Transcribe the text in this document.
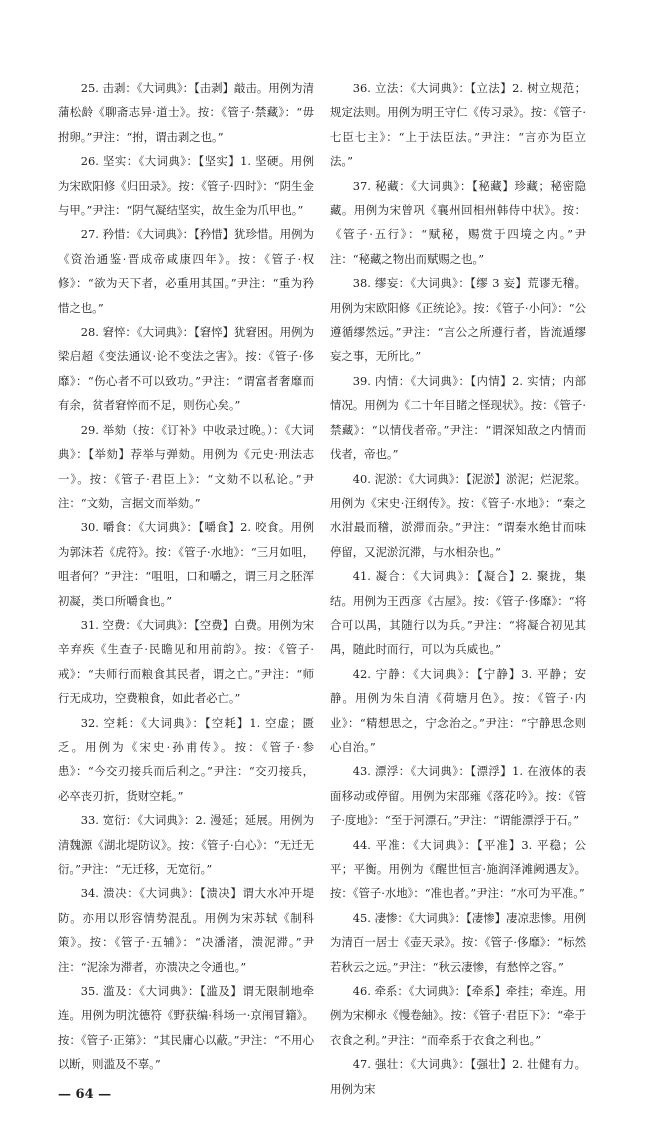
25. 击剥：《大词典》：【击剥】敲击。用例为清蒲松龄《聊斋志异·道士》。按：《管子·禁藏》：“毋拊卵。”尹注：“拊，谓击剥之也。”

26. 坚实：《大词典》：【坚实】1. 坚硬。用例为宋欧阳修《归田录》。按：《管子·四时》：“阴生金与甲。”尹注：“阴气凝结坚实，故生金为爪甲也。”

27. 矜惜：《大词典》：【矜惜】犹珍惜。用例为《资治通鉴·晋成帝咸康四年》。按：《管子·权修》：“欲为天下者，必重用其国。”尹注：“重为矜惜之也。”

28. 窘悴：《大词典》：【窘悴】犹窘困。用例为梁启超《变法通议·论不变法之害》。按：《管子·侈靡》：“伤心者不可以致功。”尹注：“谓富者奢靡而有余，贫者窘悴而不足，则伤心矣。”

29. 举劾（按：《订补》中收录过晚。）：《大词典》：【举劾】荐举与弹劾。用例为《元史·刑法志一》。按：《管子·君臣上》：“文劾不以私论。”尹注：“文劾，言据文而举劾。”

30. 嚼食：《大词典》：【嚼食】2. 咬食。用例为郭沫若《虎符》。按：《管子·水地》：“三月如咀，咀者何？”尹注：“咀咀，口和嚼之，谓三月之胚浑初凝，类口所嚼食也。”

31. 空费：《大词典》：【空费】白费。用例为宋辛弃疾《生查子·民瞻见和用前韵》。按：《管子·戒》：“夫师行而粮食其民者，谓之亡。”尹注：“师行无成功，空费粮食，如此者必亡。”

32. 空耗：《大词典》：【空耗】1. 空虚；匮乏。用例为《宋史·孙甫传》。按：《管子·参患》：“今交刃接兵而后利之。”尹注：“交刃接兵，必卒丧刃折，货财空耗。”

33. 宽衍：《大词典》：2. 漫延；延展。用例为清魏源《湖北堤防议》。按：《管子·白心》：“无迁无衍。”尹注：“无迁移，无宽衍。”

34. 溃决：《大词典》：【溃决】谓大水冲开堤防。亦用以形容情势混乱。用例为宋苏轼《制科策》。按：《管子·五辅》：“决潘渚，溃泥滞。”尹注：“泥涂为滞者，亦溃决之令通也。”

35. 滥及：《大词典》：【滥及】谓无限制地牵连。用例为明沈德符《野获编·科场一·京闱冒籍》。按：《管子·正第》：“其民庸心以蔽。”尹注：“不用心以断，则滥及不辜。”

— 64 —

36. 立法：《大词典》：【立法】2. 树立规范；规定法则。用例为明王守仁《传习录》。按：《管子·七臣七主》：“上于法臣法。”尹注：“言亦为臣立法。”

37. 秘藏：《大词典》：【秘藏】珍藏；秘密隐藏。用例为宋曾巩《襄州回相州韩侍中状》。按：《管子·五行》：“赋秘，赐赏于四境之内。”尹注：“秘藏之物出而赋赐之也。”

38. 缪妄：《大词典》：【缪 3 妄】荒谬无稽。用例为宋欧阳修《正统论》。按：《管子·小问》：“公遵循缪然远。”尹注：“言公之所遵行者，皆流遁缪妄之事，无所比。”

39. 内情：《大词典》：【内情】2. 实情；内部情况。用例为《二十年目睹之怪现状》。按：《管子·禁藏》：“以情伐者帝。”尹注：“谓深知敌之内情而伐者，帝也。”

40. 泥淤：《大词典》：【泥淤】淤泥；烂泥浆。用例为《宋史·汪纲传》。按：《管子·水地》：“秦之水泔最而稽，淤滞而杂。”尹注：“谓秦水绝甘而味停留，又泥淤沉滞，与水相杂也。”

41. 凝合：《大词典》：【凝合】2. 聚拢，集结。用例为王西彦《古屋》。按：《管子·侈靡》：“将合可以禺，其随行以为兵。”尹注：“将凝合初见其禺，随此时而行，可以为兵威也。”

42. 宁静：《大词典》：【宁静】3. 平静；安静。用例为朱自清《荷塘月色》。按：《管子·内业》：“精想思之，宁念治之。”尹注：“宁静思念则心自治。”

43. 漂浮：《大词典》：【漂浮】1. 在液体的表面移动或停留。用例为宋邵雍《落花吟》。按：《管子·度地》：“至于河漂石。”尹注：“谓能漂浮于石。”

44. 平准：《大词典》：【平准】3. 平稳；公平；平衡。用例为《醒世恒言·施润泽滩阙遇友》。按：《管子·水地》：“准也者。”尹注：“水可为平准。”

45. 凄惨：《大词典》：【凄惨】凄凉悲惨。用例为清百一居士《壶天录》。按：《管子·侈靡》：“标然若秋云之远。”尹注：“秋云凄惨，有愁悴之容。”

46. 牵系：《大词典》：【牵系】牵挂；牵连。用例为宋柳永《慢卷紬》。按：《管子·君臣下》：“牵于衣食之利。”尹注：“而牵系于衣食之利也。”

47. 强壮：《大词典》：【强壮】2. 壮健有力。用例为宋
